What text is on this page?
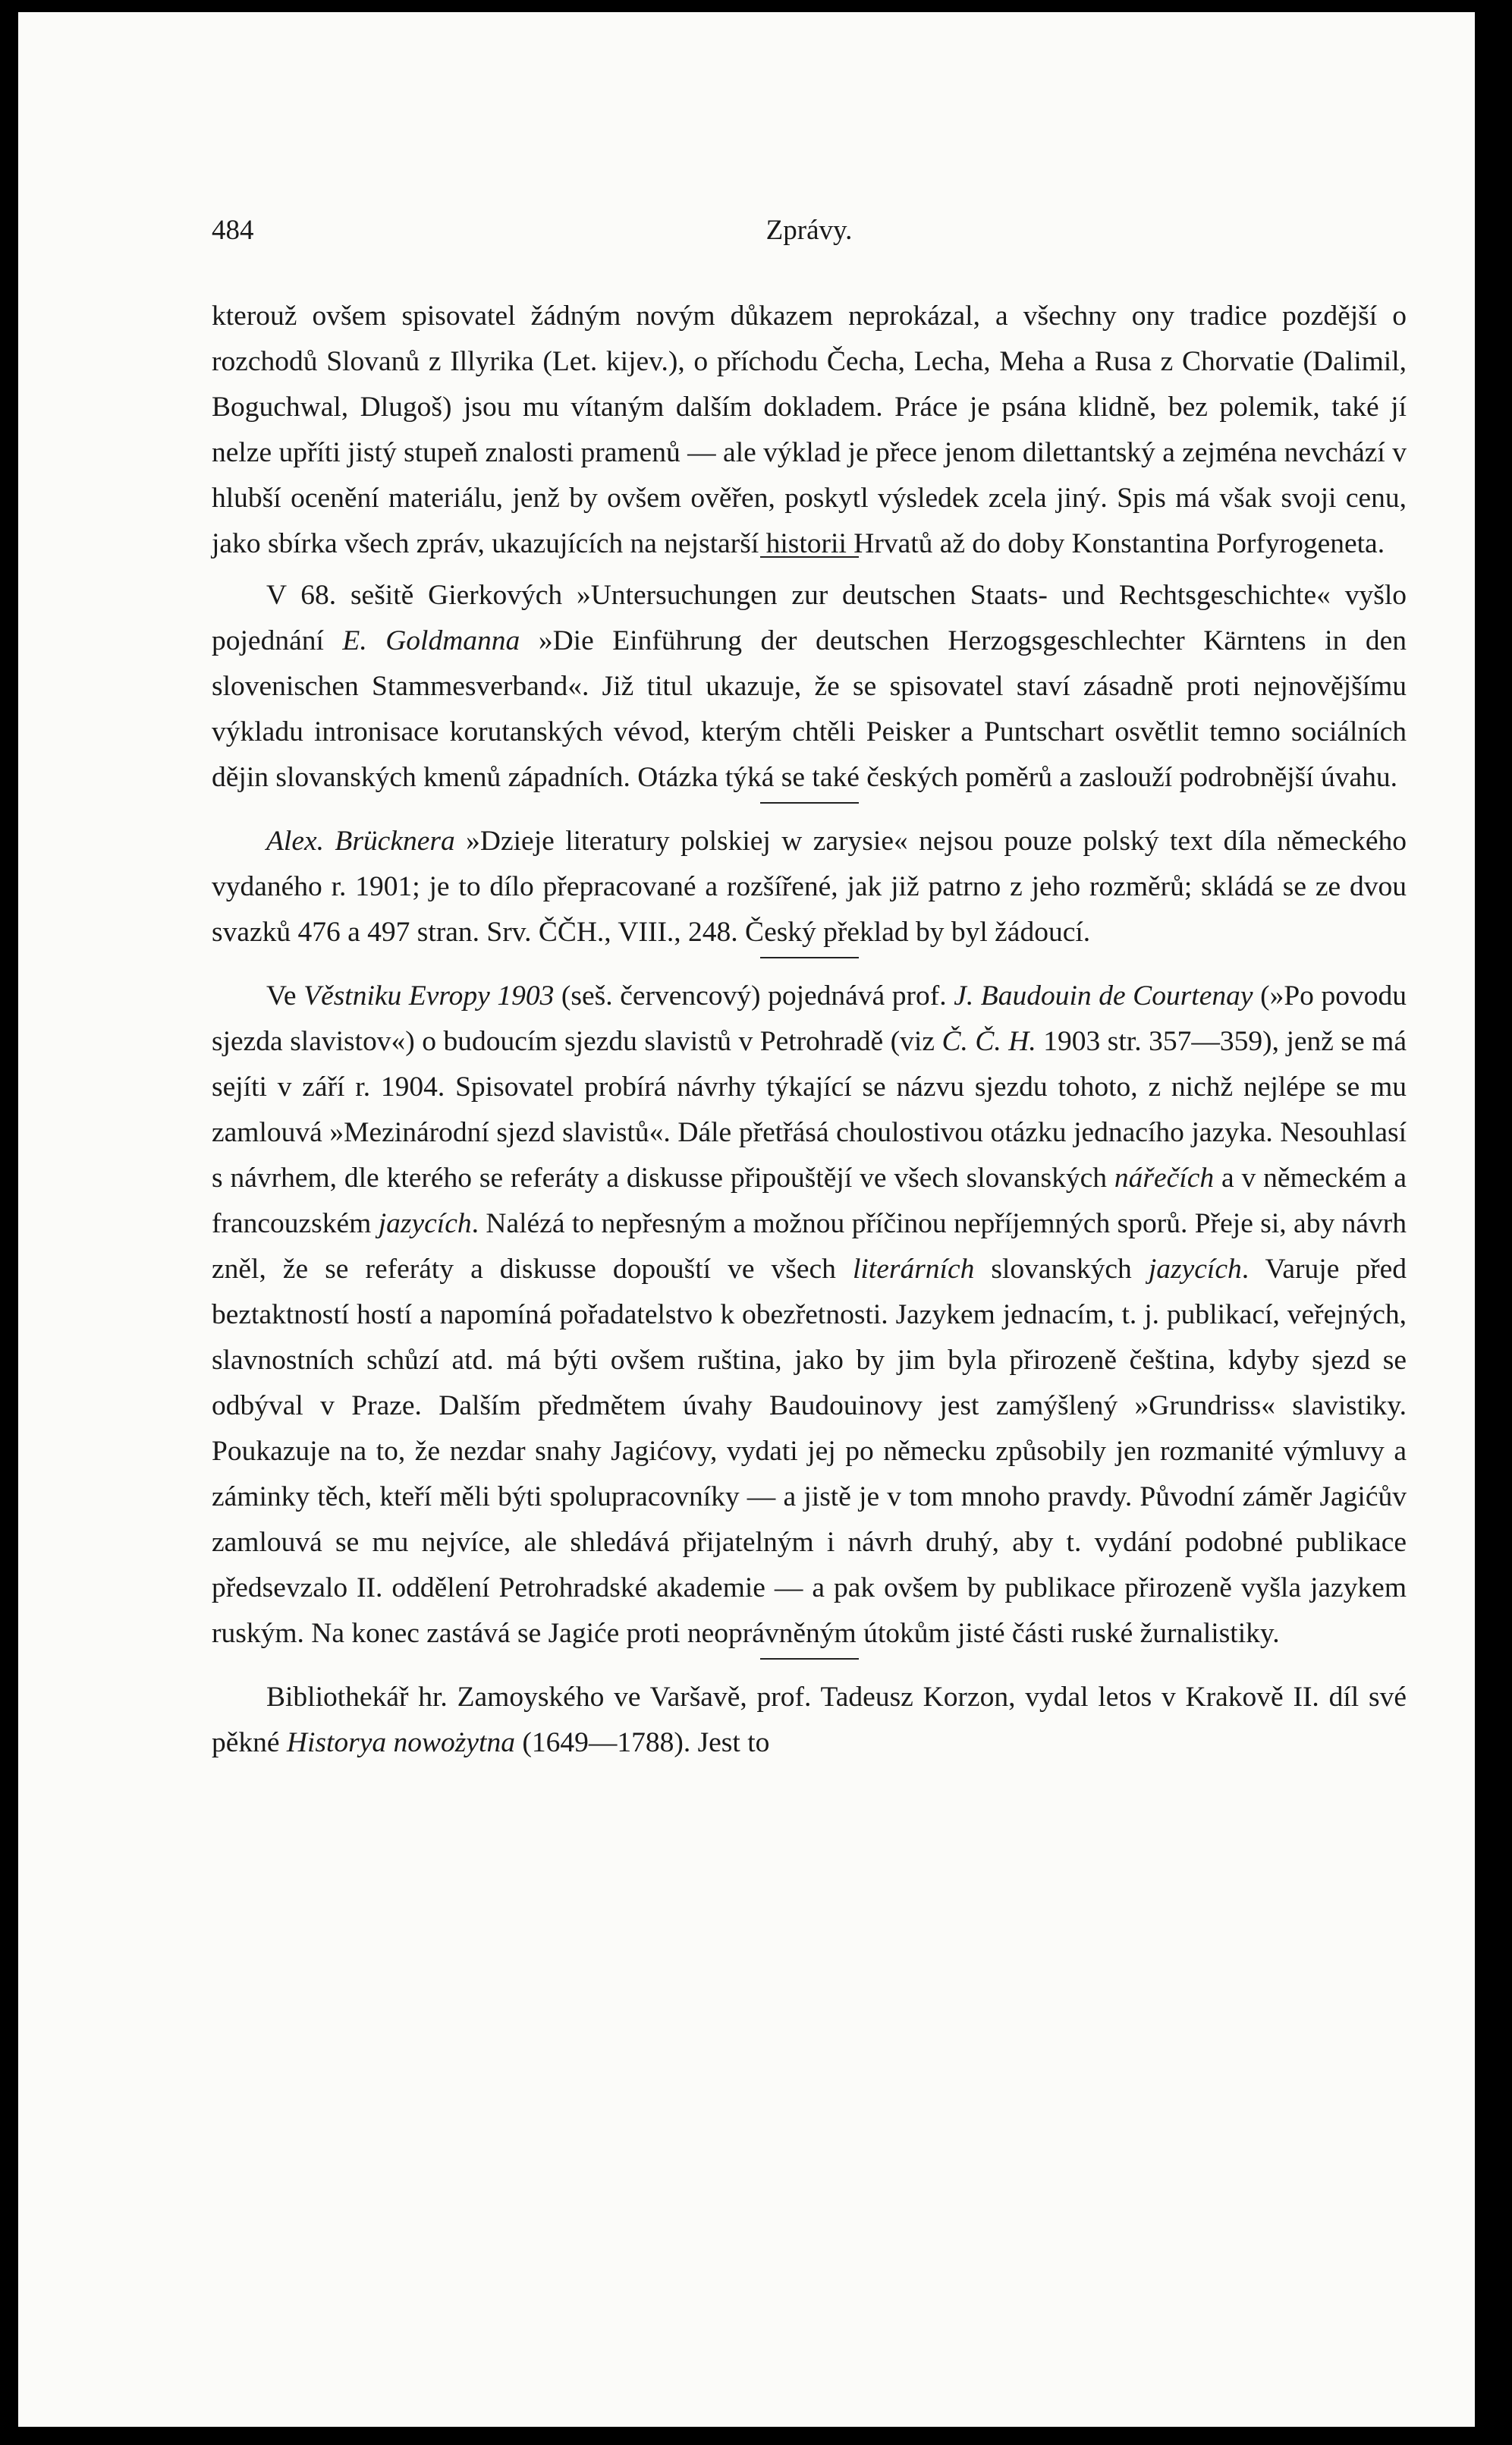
484	Zprávy.

kterouž ovšem spisovatel žádným novým důkazem neprokázal, a všechny ony tradice pozdější o rozchodů Slovanů z Illyrika (Let. kijev.), o příchodu Čecha, Lecha, Meha a Rusa z Chorvatie (Dalimil, Boguchwal, Dlugoš) jsou mu vítaným dalším dokladem. Práce je psána klidně, bez polemik, také jí nelze upříti jistý stupeň znalosti pramenů — ale výklad je přece jenom dilettantský a zejména nevchází v hlubší ocenění materiálu, jenž by ovšem ověřen, poskytl výsledek zcela jiný. Spis má však svoji cenu, jako sbírka všech zpráv, ukazujících na nejstarší historii Hrvatů až do doby Konstantina Porfyrogeneta.

V 68. sešitě Gierkových »Untersuchungen zur deutschen Staats- und Rechtsgeschichte« vyšlo pojednání E. Goldmanna »Die Einführung der deutschen Herzogsgeschlechter Kärntens in den slovenischen Stammesverband«. Již titul ukazuje, že se spisovatel staví zásadně proti nejnovějšímu výkladu intronisace korutanských vévod, kterým chtěli Peisker a Puntschart osvětlit temno sociálních dějin slovanských kmenů západních. Otázka týká se také českých poměrů a zaslouží podrobnější úvahu.

Alex. Brücknera »Dzieje literatury polskiej w zarysie« nejsou pouze polský text díla německého vydaného r. 1901; je to dílo přepracované a rozšířené, jak již patrno z jeho rozměrů; skládá se ze dvou svazků 476 a 497 stran. Srv. ČČH., VIII., 248. Český překlad by byl žádoucí.

Ve Věstniku Evropy 1903 (seš. červencový) pojednává prof. J. Baudouin de Courtenay (»Po povodu sjezda slavistov«) o budoucím sjezdu slavistů v Petrohradě (viz Č. Č. H. 1903 str. 357—359), jenž se má sejíti v září r. 1904. Spisovatel probírá návrhy týkající se názvu sjezdu tohoto, z nichž nejlépe se mu zamlouvá »Mezinárodní sjezd slavistů«. Dále přetřásá choulostivou otázku jednacího jazyka. Nesouhlasí s návrhem, dle kterého se referáty a diskusse připouštějí ve všech slovanských nářečích a v německém a francouzském jazycích. Nalézá to nepřesným a možnou příčinou nepříjemných sporů. Přeje si, aby návrh zněl, že se referáty a diskusse dopouští ve všech literárních slovanských jazycích. Varuje před beztaktností hostí a napomíná pořadatelstvo k obezřetnosti. Jazykem jednacím, t. j. publikací, veřejných, slavnostních schůzí atd. má býti ovšem ruština, jako by jim byla přirozeně čeština, kdyby sjezd se odbýval v Praze. Dalším předmětem úvahy Baudouinovy jest zamýšlený »Grundriss« slavistiky. Poukazuje na to, že nezdar snahy Jagićovy, vydati jej po německu způsobily jen rozmanité výmluvy a záminky těch, kteří měli býti spolupracovníky — a jistě je v tom mnoho pravdy. Původní záměr Jagićův zamlouvá se mu nejvíce, ale shledává přijatelným i návrh druhý, aby t. vydání podobné publikace předsevzalo II. oddělení Petrohradské akademie — a pak ovšem by publikace přirozeně vyšla jazykem ruským. Na konec zastává se Jagiće proti neoprávněným útokům jisté části ruské žurnalistiky.

Bibliothekář hr. Zamoyského ve Varšavě, prof. Tadeusz Korzon, vydal letos v Krakově II. díl své pěkné Historya nowożytna (1649—1788). Jest to
